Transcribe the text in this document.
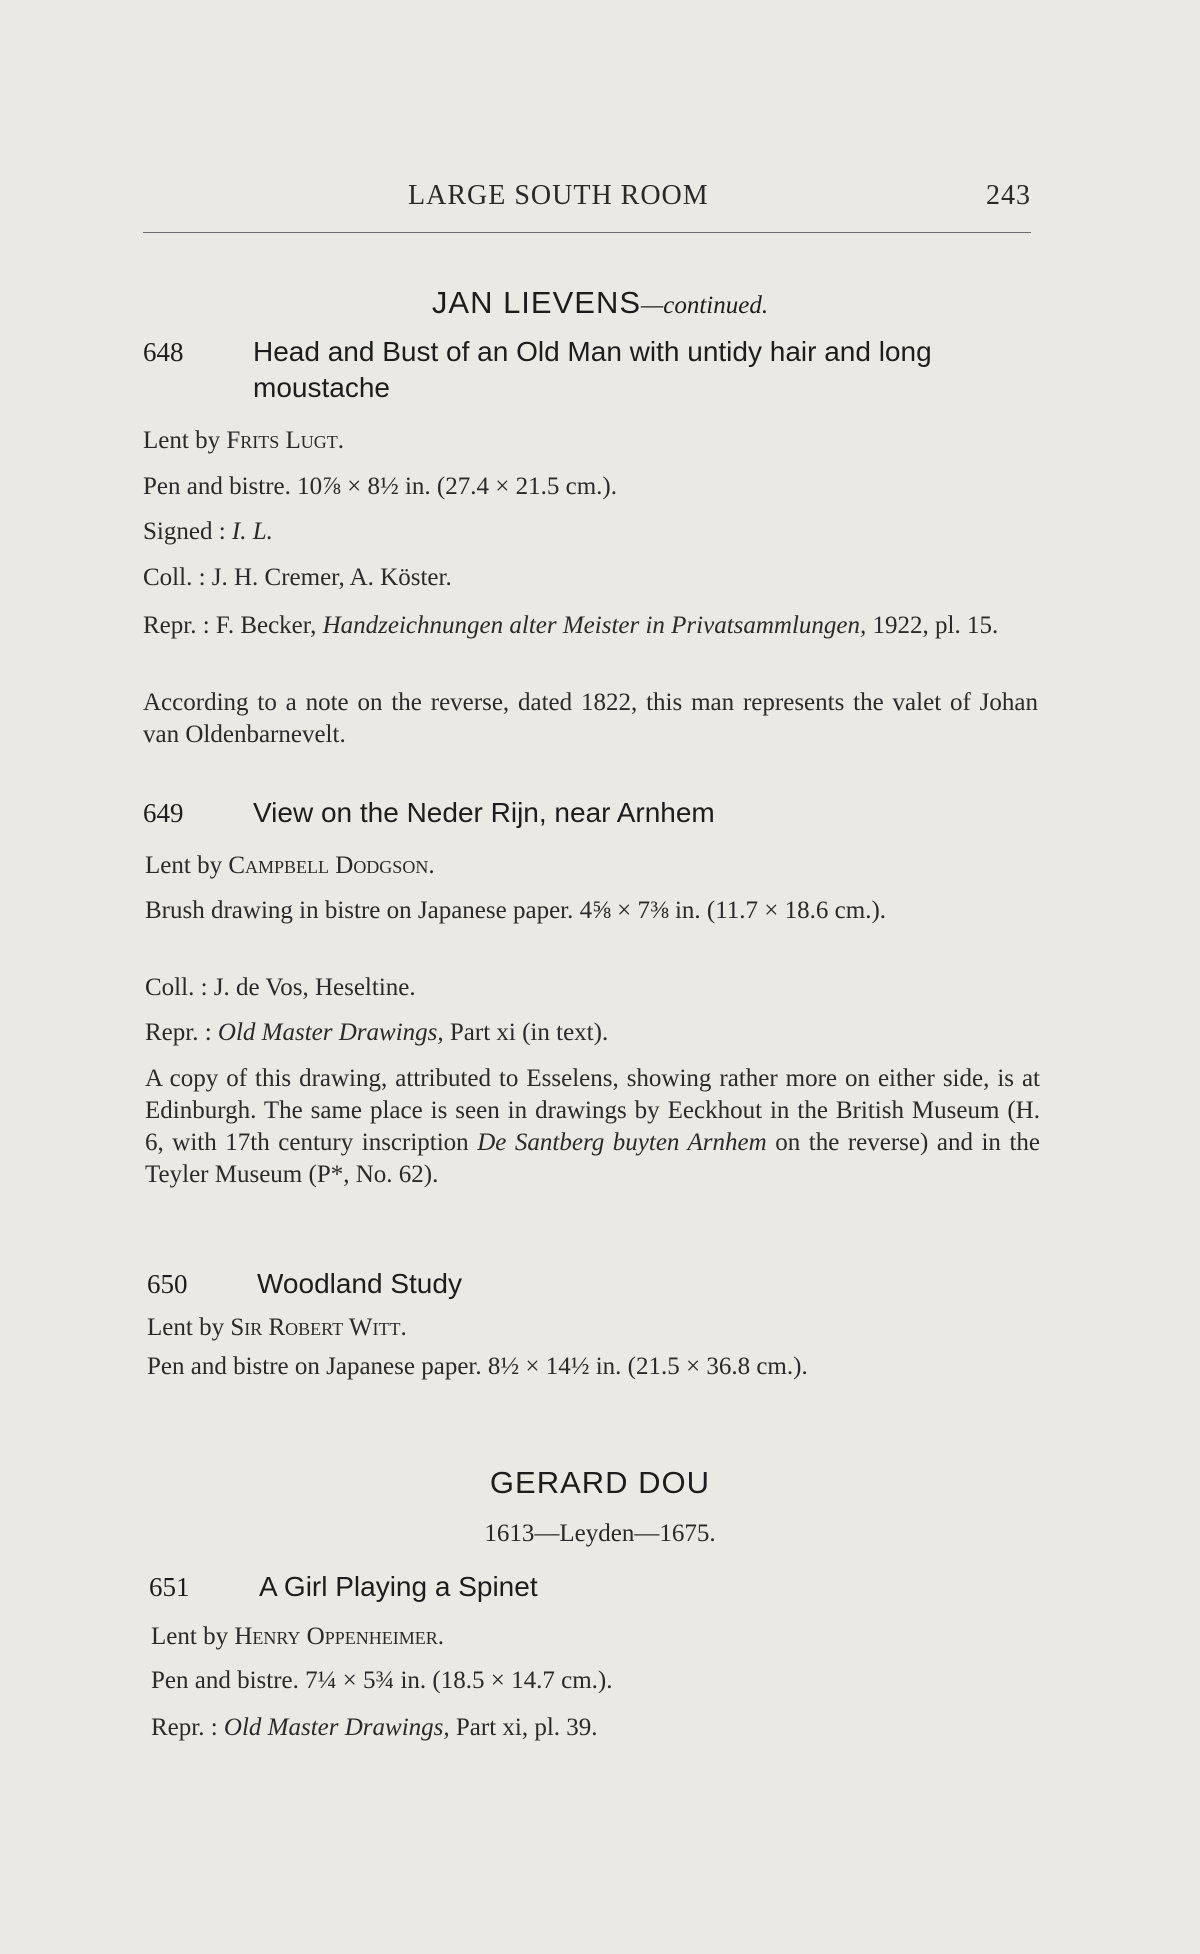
LARGE SOUTH ROOM	243
JAN LIEVENS—continued.
648	Head and Bust of an Old Man with untidy hair and long moustache
Lent by Frits Lugt.
Pen and bistre. 10⅞ × 8½ in. (27.4 × 21.5 cm.).
Signed : I. L.
Coll. : J. H. Cremer, A. Köster.
Repr. : F. Becker, Handzeichnungen alter Meister in Privatsammlungen, 1922, pl. 15.
According to a note on the reverse, dated 1822, this man represents the valet of Johan van Oldenbarnevelt.
649	View on the Neder Rijn, near Arnhem
Lent by Campbell Dodgson.
Brush drawing in bistre on Japanese paper. 4⅝ × 7⅜ in. (11.7 × 18.6 cm.).
Coll. : J. de Vos, Heseltine.
Repr. : Old Master Drawings, Part xi (in text).
A copy of this drawing, attributed to Esselens, showing rather more on either side, is at Edinburgh. The same place is seen in drawings by Eeckhout in the British Museum (H. 6, with 17th century inscription De Santberg buyten Arnhem on the reverse) and in the Teyler Museum (P*, No. 62).
650	Woodland Study
Lent by Sir Robert Witt.
Pen and bistre on Japanese paper. 8½ × 14½ in. (21.5 × 36.8 cm.).
GERARD DOU
1613—Leyden—1675.
651	A Girl Playing a Spinet
Lent by Henry Oppenheimer.
Pen and bistre. 7¼ × 5¾ in. (18.5 × 14.7 cm.).
Repr. : Old Master Drawings, Part xi, pl. 39.
